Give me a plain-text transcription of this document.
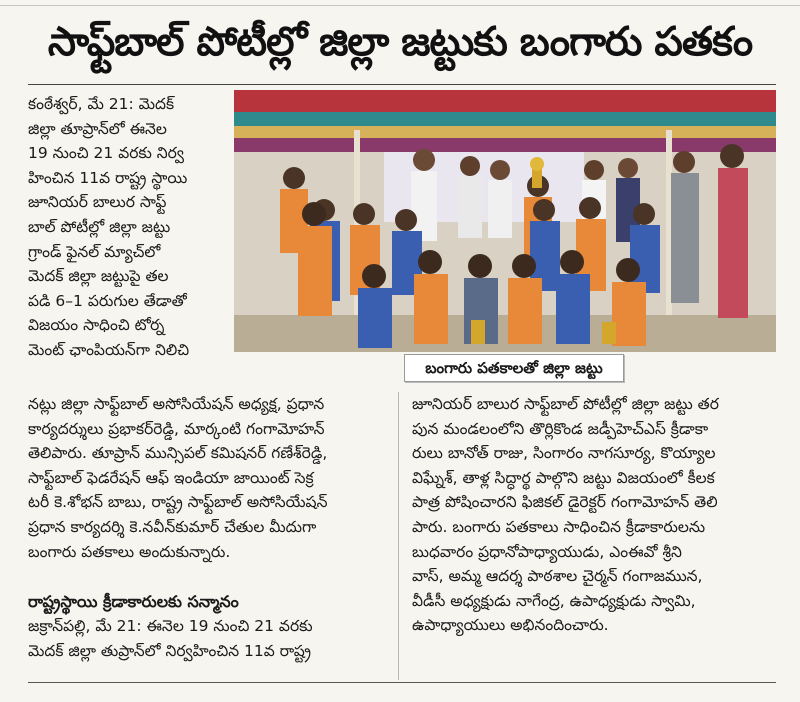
సాఫ్ట్‌బాల్ పోటీల్లో జిల్లా జట్టుకు బంగారు పతకం

కంఠేశ్వర్, మే 21: మెదక్
జిల్లా తూప్రాన్‌లో ఈనెల
19 నుంచి 21 వరకు నిర్వ
హించిన 11వ రాష్ట్ర స్థాయి
జూనియర్ బాలుర సాఫ్ట్
బాల్ పోటీల్లో జిల్లా జట్టు
గ్రాండ్ ఫైనల్ మ్యాచ్‌లో
మెదక్ జిల్లా జట్టుపై తల
పడి 6–1 పరుగుల తేడాతో
విజయం సాధించి టోర్న
మెంట్ ఛాంపియన్‌గా నిలిచి

బంగారు పతకాలతో జిల్లా జట్టు

నట్లు జిల్లా సాఫ్ట్‌బాల్ అసోసియేషన్ అధ్యక్ష, ప్రధాన
కార్యదర్శులు ప్రభాకర్‌రెడ్డి, మార్కంటి గంగామోహన్
తెలిపారు. తూప్రాన్ మున్సిపల్ కమిషనర్ గణేశ్‌రెడ్డి,
సాఫ్ట్‌బాల్ ఫెడరేషన్ ఆఫ్ ఇండియా జాయింట్ సెక్ర
టరీ కె.శోభన్ బాబు, రాష్ట్ర సాఫ్ట్‌బాల్ అసోసియేషన్
ప్రధాన కార్యదర్శి కె.నవీన్‌కుమార్ చేతుల మీదుగా
బంగారు పతకాలు అందుకున్నారు.

రాష్ట్రస్థాయి క్రీడాకారులకు సన్మానం

జక్రాన్‌పల్లి, మే 21: ఈనెల 19 నుంచి 21 వరకు
మెదక్ జిల్లా తుప్రాన్‌లో నిర్వహించిన 11వ రాష్ట్ర

జూనియర్ బాలుర సాఫ్ట్‌బాల్ పోటీల్లో జిల్లా జట్టు తర
పున మండలంలోని తొర్లికొండ జడ్పీహెచ్ఎస్ క్రీడాకా
రులు బానోత్ రాజు, సింగారం నాగసూర్య, కొయ్యాల
విఘ్నేశ్, తాళ్ల సిద్ధార్థ పాల్గొని జట్టు విజయంలో కీలక
పాత్ర పోషించారని ఫిజికల్ డైరెక్టర్ గంగామోహన్ తెలి
పారు. బంగారు పతకాలు సాధించిన క్రీడాకారులను
బుధవారం ప్రధానోపాధ్యాయుడు, ఎంఈవో శ్రీని
వాస్, అమ్మ ఆదర్శ పాఠశాల చైర్మన్ గంగాజమున,
వీడీసీ అధ్యక్షుడు నాగేంద్ర, ఉపాధ్యక్షుడు స్వామి,
ఉపాధ్యాయులు అభినందించారు.
